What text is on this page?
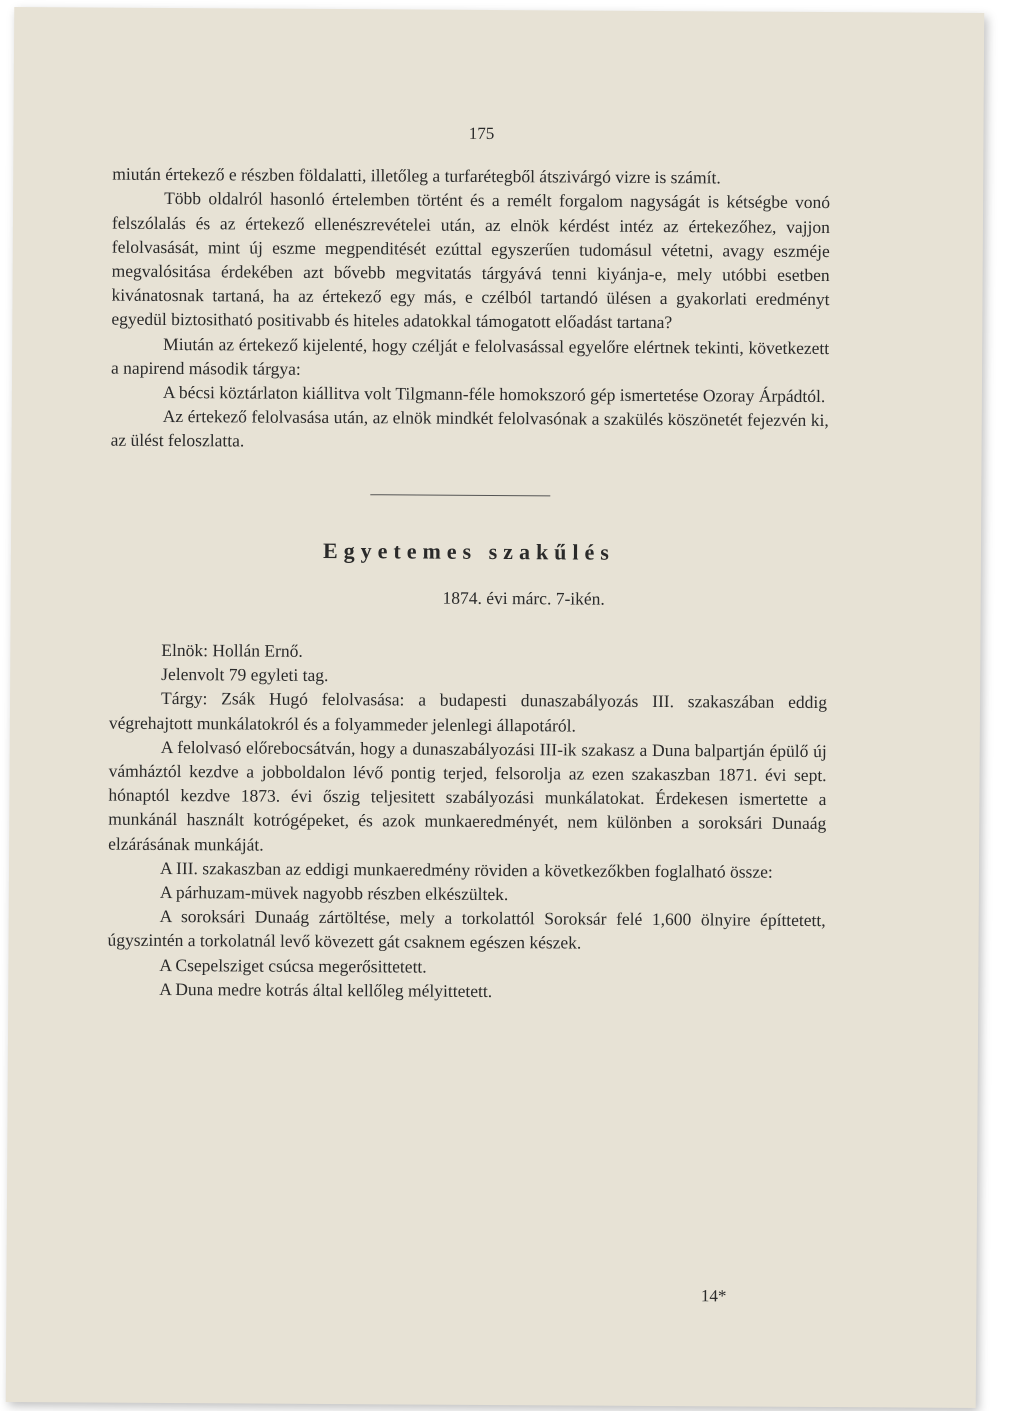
175

miután értekező e részben földalatti, illetőleg a turfarétegből átszivárgó vizre is számít.

Több oldalról hasonló értelemben történt és a remélt forgalom nagyságát is kétségbe vonó felszólalás és az értekező ellenészrevételei után, az elnök kérdést intéz az értekezőhez, vajjon felolvasását, mint új eszme megpenditését ezúttal egyszerűen tudomásul vétetni, avagy eszméje megvalósitása érdekében azt bővebb megvitatás tárgyává tenni kiyánja-e, mely utóbbi esetben kivánatosnak tartaná, ha az értekező egy más, e czélból tartandó ülésen a gyakorlati eredményt egyedül biztositható positivabb és hiteles adatokkal támogatott előadást tartana?

Miután az értekező kijelenté, hogy czélját e felolvasással egyelőre elértnek tekinti, következett a napirend második tárgya:

A bécsi köztárlaton kiállitva volt Tilgmann-féle homokszoró gép ismertetése Ozoray Árpádtól.

Az értekező felolvasása után, az elnök mindkét felolvasónak a szakülés köszönetét fejezvén ki, az ülést feloszlatta.

Egyetemes szakűlés
1874. évi márc. 7-ikén.

Elnök: Hollán Ernő.

Jelenvolt 79 egyleti tag.

Tárgy: Zsák Hugó felolvasása: a budapesti dunaszabályozás III. szakaszában eddig végrehajtott munkálatokról és a folyammeder jelenlegi állapotáról.

A felolvasó előrebocsátván, hogy a dunaszabályozási III-ik szakasz a Duna balpartján épülő új vámháztól kezdve a jobboldalon lévő pontig terjed, felsorolja az ezen szakaszban 1871. évi sept. hónaptól kezdve 1873. évi őszig teljesitett szabályozási munkálatokat. Érdekesen ismertette a munkánál használt kotrógépeket, és azok munkaeredményét, nem különben a soroksári Dunaág elzárásának munkáját.

A III. szakaszban az eddigi munkaeredmény röviden a következőkben foglalható össze:

A párhuzam-müvek nagyobb részben elkészültek.

A soroksári Dunaág zártöltése, mely a torkolattól Soroksár felé 1,600 ölnyire építtetett, úgyszintén a torkolatnál levő kövezett gát csaknem egészen készek.

A Csepelsziget csúcsa megerősittetett.

A Duna medre kotrás által kellőleg mélyittetett.

14*
